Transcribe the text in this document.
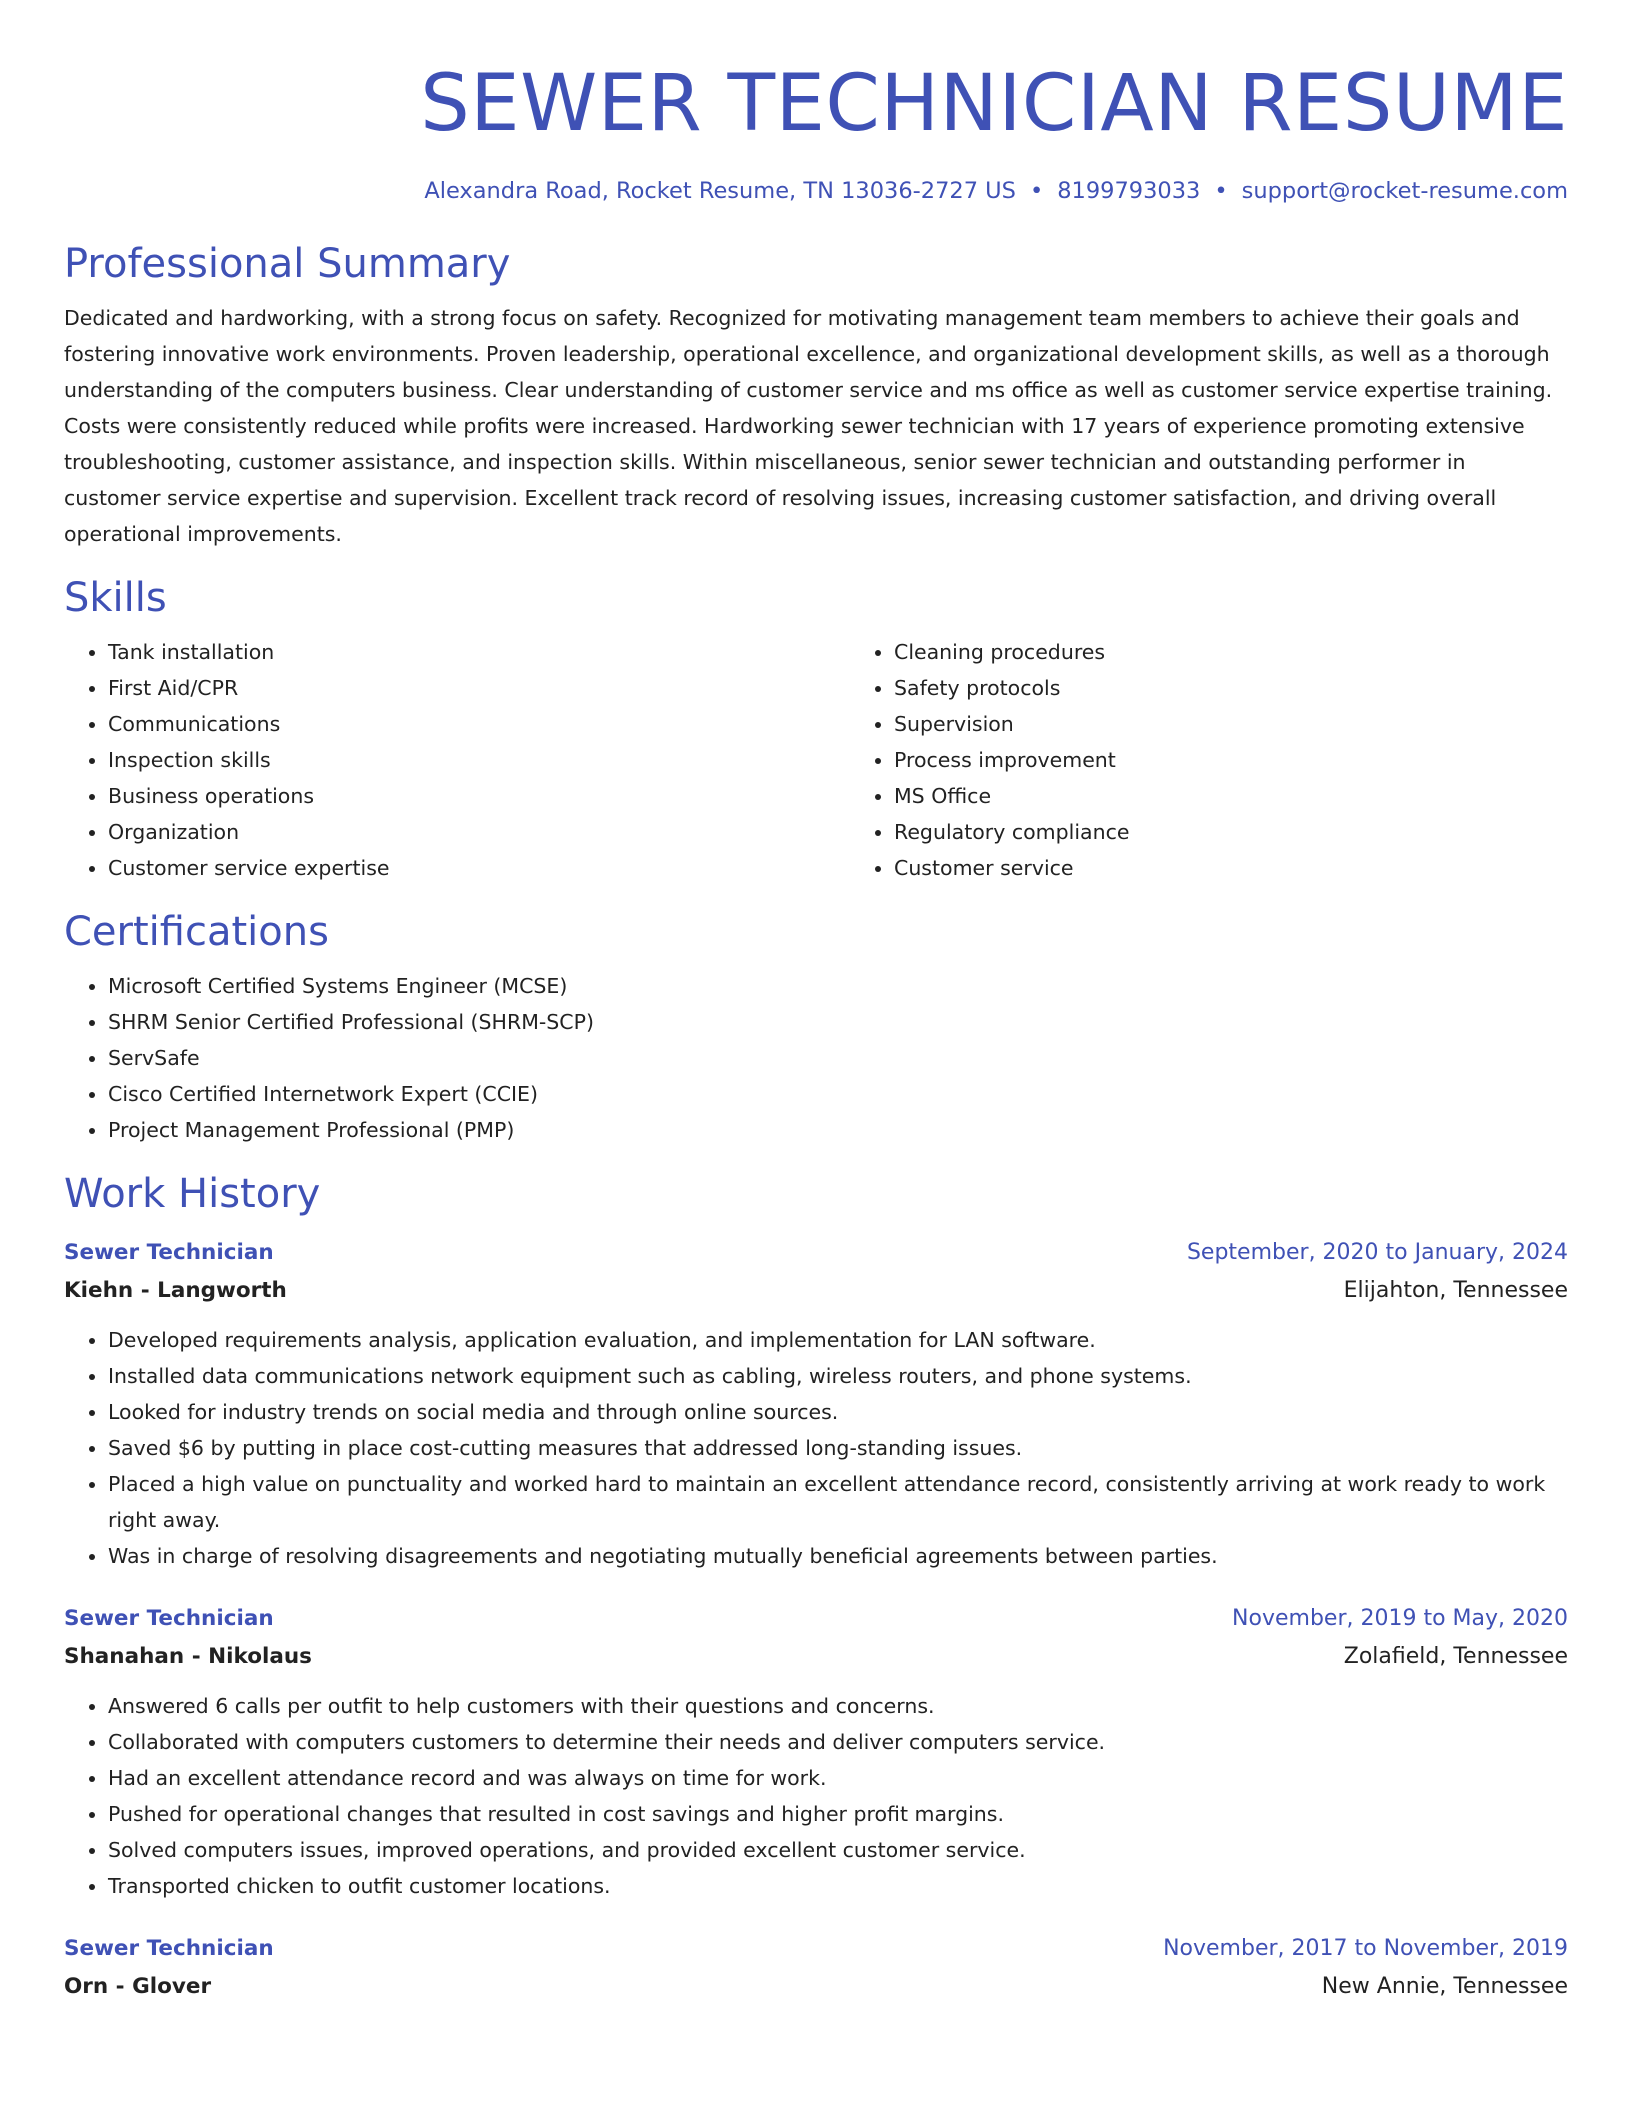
SEWER TECHNICIAN RESUME
Alexandra Road, Rocket Resume, TN 13036-2727 US • 8199793033 • support@rocket-resume.com
Professional Summary
Dedicated and hardworking, with a strong focus on safety. Recognized for motivating management team members to achieve their goals and fostering innovative work environments. Proven leadership, operational excellence, and organizational development skills, as well as a thorough understanding of the computers business. Clear understanding of customer service and ms office as well as customer service expertise training. Costs were consistently reduced while profits were increased. Hardworking sewer technician with 17 years of experience promoting extensive troubleshooting, customer assistance, and inspection skills. Within miscellaneous, senior sewer technician and outstanding performer in customer service expertise and supervision. Excellent track record of resolving issues, increasing customer satisfaction, and driving overall operational improvements.
Skills
• Tank installation
• First Aid/CPR
• Communications
• Inspection skills
• Business operations
• Organization
• Customer service expertise
• Cleaning procedures
• Safety protocols
• Supervision
• Process improvement
• MS Office
• Regulatory compliance
• Customer service
Certifications
• Microsoft Certified Systems Engineer (MCSE)
• SHRM Senior Certified Professional (SHRM-SCP)
• ServSafe
• Cisco Certified Internetwork Expert (CCIE)
• Project Management Professional (PMP)
Work History
Sewer Technician	September, 2020 to January, 2024
Kiehn - Langworth	Elijahton, Tennessee
• Developed requirements analysis, application evaluation, and implementation for LAN software.
• Installed data communications network equipment such as cabling, wireless routers, and phone systems.
• Looked for industry trends on social media and through online sources.
• Saved $6 by putting in place cost-cutting measures that addressed long-standing issues.
• Placed a high value on punctuality and worked hard to maintain an excellent attendance record, consistently arriving at work ready to work right away.
• Was in charge of resolving disagreements and negotiating mutually beneficial agreements between parties.
Sewer Technician	November, 2019 to May, 2020
Shanahan - Nikolaus	Zolafield, Tennessee
• Answered 6 calls per outfit to help customers with their questions and concerns.
• Collaborated with computers customers to determine their needs and deliver computers service.
• Had an excellent attendance record and was always on time for work.
• Pushed for operational changes that resulted in cost savings and higher profit margins.
• Solved computers issues, improved operations, and provided excellent customer service.
• Transported chicken to outfit customer locations.
Sewer Technician	November, 2017 to November, 2019
Orn - Glover	New Annie, Tennessee
